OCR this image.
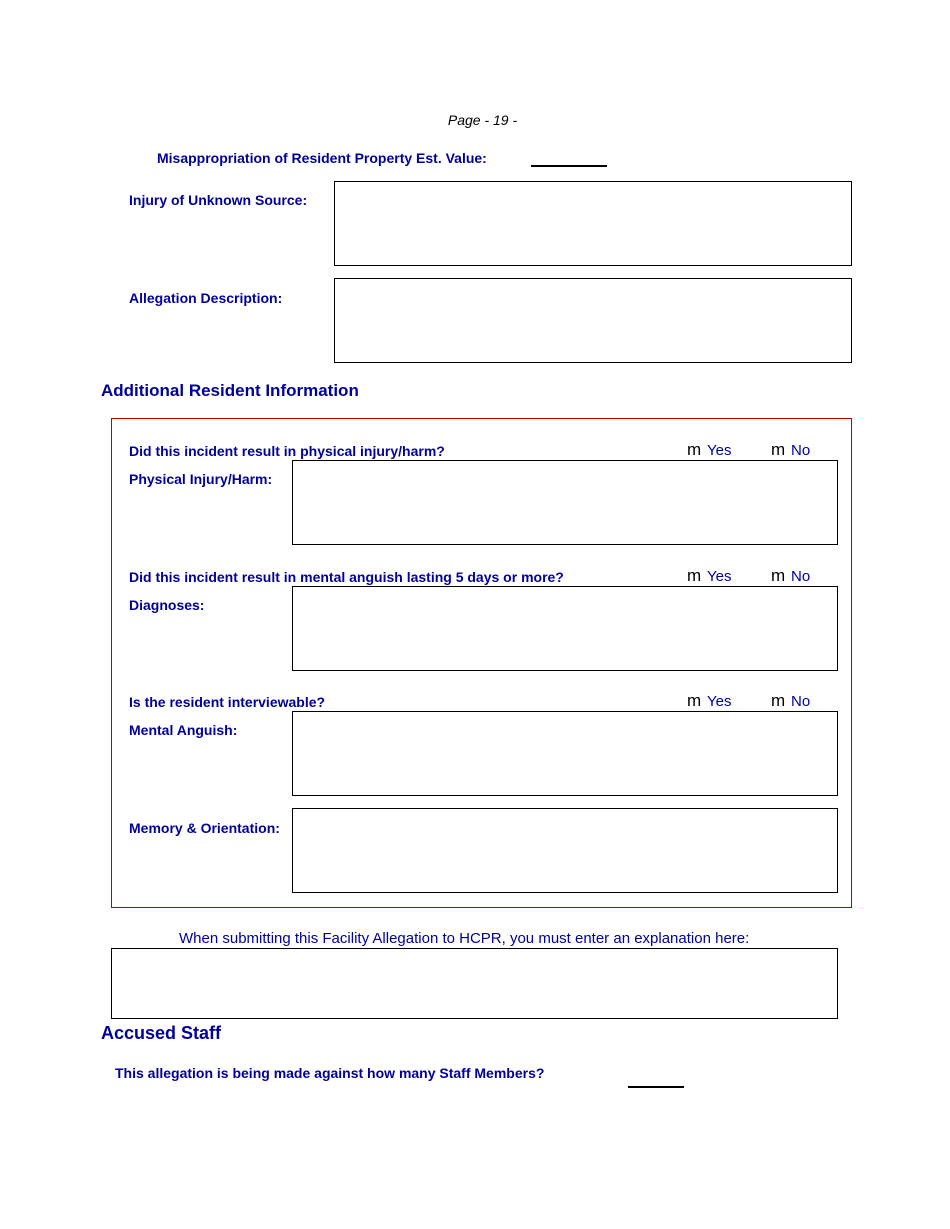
Page - 19 -
Misappropriation of Resident Property Est. Value:
Injury of Unknown Source:
Allegation Description:
Additional Resident Information
Did this incident result in physical injury/harm?	m Yes m No
Physical Injury/Harm:
Did this incident result in mental anguish lasting 5 days or more?	m Yes m No
Diagnoses:
Is the resident interviewable?	m Yes m No
Mental Anguish:
Memory & Orientation:
When submitting this Facility Allegation to HCPR, you must enter an explanation here:
Accused Staff
This allegation is being made against how many Staff Members?
